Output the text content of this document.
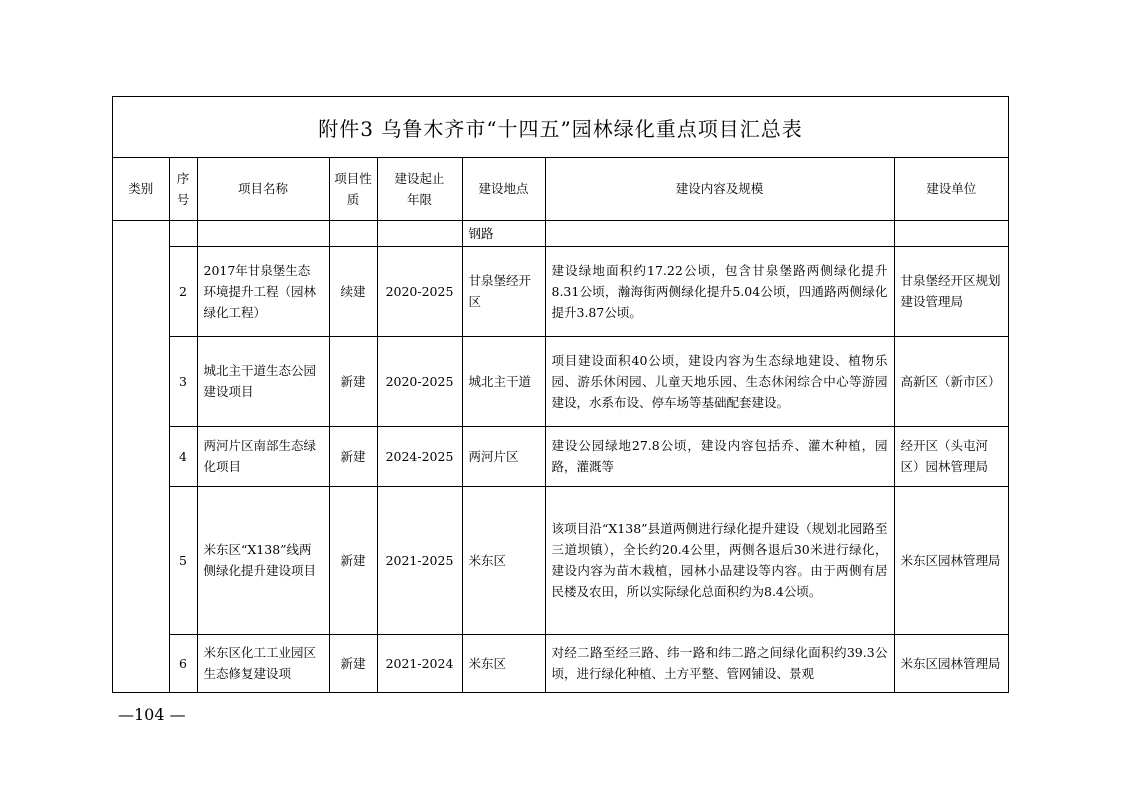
附件3 乌鲁木齐市“十四五”园林绿化重点项目汇总表
类别	序号	项目名称	项目性质	建设起止年限	建设地点	建设内容及规模	建设单位
					钢路		
	2	2017年甘泉堡生态环境提升工程（园林绿化工程）	续建	2020-2025	甘泉堡经开区	建设绿地面积约17.22公顷，包含甘泉堡路两侧绿化提升8.31公顷，瀚海街两侧绿化提升5.04公顷，四通路两侧绿化提升3.87公顷。	甘泉堡经开区规划建设管理局
	3	城北主干道生态公园建设项目	新建	2020-2025	城北主干道	项目建设面积40公顷，建设内容为生态绿地建设、植物乐园、游乐休闲园、儿童天地乐园、生态休闲综合中心等游园建设，水系布设、停车场等基础配套建设。	高新区（新市区）
	4	两河片区南部生态绿化项目	新建	2024-2025	两河片区	建设公园绿地27.8公顷，建设内容包括乔、灌木种植，园路，灌溉等	经开区（头屯河区）园林管理局
	5	米东区“X138”线两侧绿化提升建设项目	新建	2021-2025	米东区	该项目沿“X138”县道两侧进行绿化提升建设（规划北园路至三道坝镇），全长约20.4公里，两侧各退后30米进行绿化，建设内容为苗木栽植，园林小品建设等内容。由于两侧有居民楼及农田，所以实际绿化总面积约为8.4公顷。	米东区园林管理局
	6	米东区化工工业园区生态修复建设项	新建	2021-2024	米东区	对经二路至经三路、纬一路和纬二路之间绿化面积约39.3公顷，进行绿化种植、土方平整、管网铺设、景观	米东区园林管理局
—104 —
